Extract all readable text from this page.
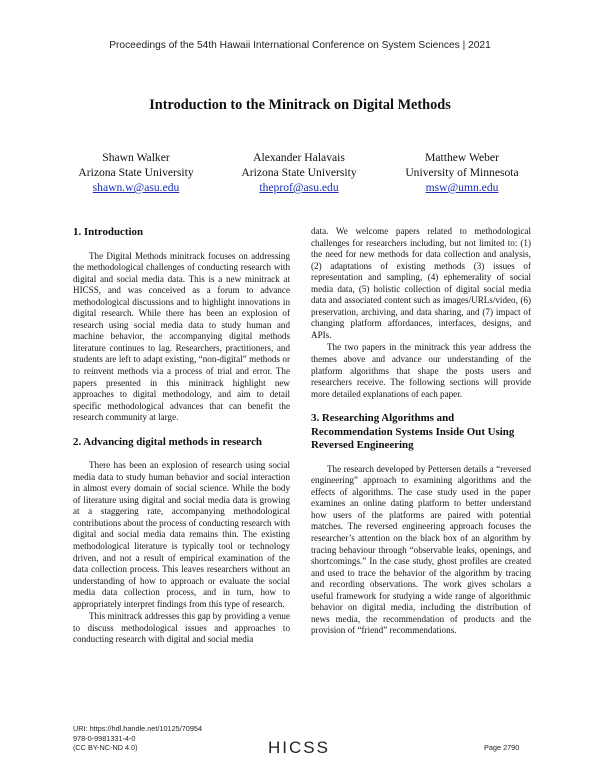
Proceedings of the 54th Hawaii International Conference on System Sciences | 2021
Introduction to the Minitrack on Digital Methods
Shawn Walker
Arizona State University
shawn.w@asu.edu
Alexander Halavais
Arizona State University
theprof@asu.edu
Matthew Weber
University of Minnesota
msw@umn.edu
1. Introduction

The Digital Methods minitrack focuses on addressing the methodological challenges of conducting research with digital and social media data. This is a new minitrack at HICSS, and was conceived as a forum to advance methodological discussions and to highlight innovations in digital research. While there has been an explosion of research using social media data to study human and machine behavior, the accompanying digital methods literature continues to lag. Researchers, practitioners, and students are left to adapt existing, “non-digital” methods or to reinvent methods via a process of trial and error. The papers presented in this minitrack highlight new approaches to digital methodology, and aim to detail specific methodological advances that can benefit the research community at large.

2. Advancing digital methods in research

There has been an explosion of research using social media data to study human behavior and social interaction in almost every domain of social science. While the body of literature using digital and social media data is growing at a staggering rate, accompanying methodological contributions about the process of conducting research with digital and social media data remains thin. The existing methodological literature is typically tool or technology driven, and not a result of empirical examination of the data collection process. This leaves researchers without an understanding of how to approach or evaluate the social media data collection process, and in turn, how to appropriately interpret findings from this type of research.

This minitrack addresses this gap by providing a venue to discuss methodological issues and approaches to conducting research with digital and social media

data. We welcome papers related to methodological challenges for researchers including, but not limited to: (1) the need for new methods for data collection and analysis, (2) adaptations of existing methods (3) issues of representation and sampling, (4) ephemerality of social media data, (5) holistic collection of digital social media data and associated content such as images/URLs/video, (6) preservation, archiving, and data sharing, and (7) impact of changing platform affordances, interfaces, designs, and APIs.

The two papers in the minitrack this year address the themes above and advance our understanding of the platform algorithms that shape the posts users and researchers receive. The following sections will provide more detailed explanations of each paper.

3. Researching Algorithms and Recommendation Systems Inside Out Using Reversed Engineering

The research developed by Pettersen details a “reversed engineering” approach to examining algorithms and the effects of algorithms. The case study used in the paper examines an online dating platform to better understand how users of the platforms are paired with potential matches. The reversed engineering approach focuses the researcher’s attention on the black box of an algorithm by tracing behaviour through “observable leaks, openings, and shortcomings.” In the case study, ghost profiles are created and used to trace the behavior of the algorithm by tracing and recording observations. The work gives scholars a useful framework for studying a wide range of algorithmic behavior on digital media, including the distribution of news media, the recommendation of products and the provision of “friend” recommendations.

URI: https://hdl.handle.net/10125/70954
978-0-9981331-4-0
(CC BY-NC-ND 4.0)	HICSS	Page 2790
